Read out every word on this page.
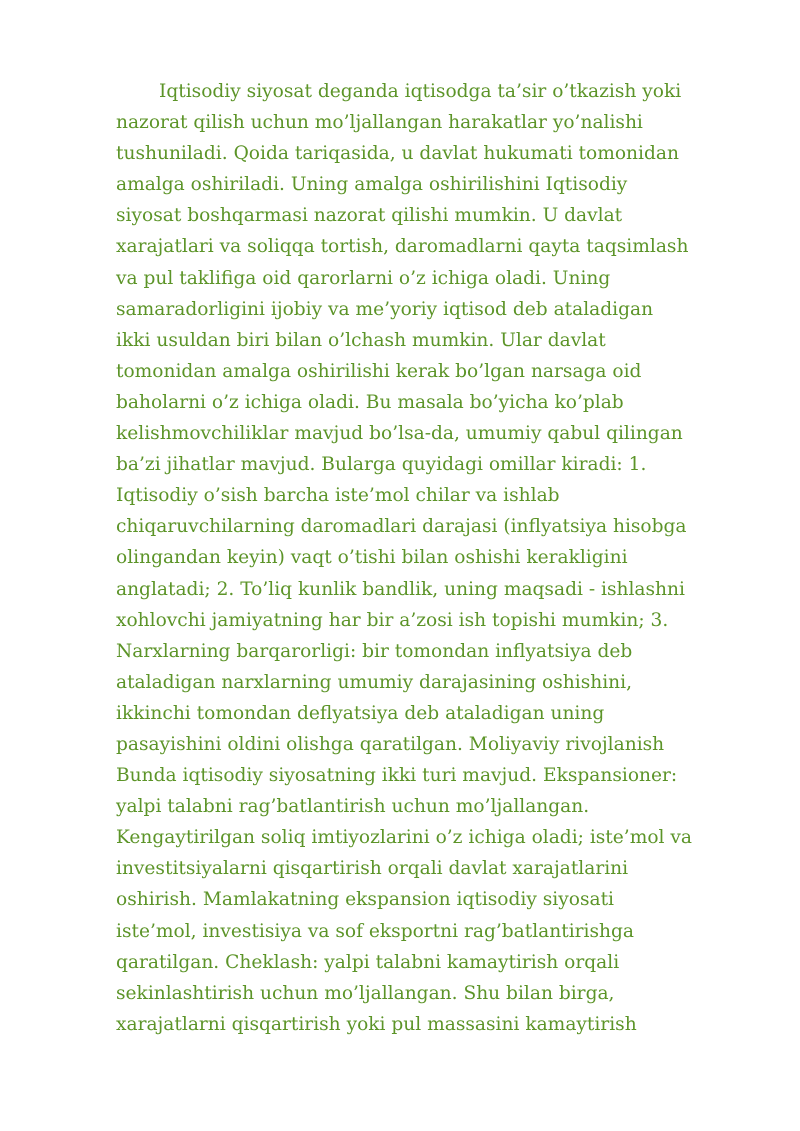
Iqtisodiy siyosat deganda iqtisodga ta’sir o’tkazish yoki
nazorat qilish uchun mo’ljallangan harakatlar yo’nalishi
tushuniladi. Qoida tariqasida, u davlat hukumati tomonidan
amalga oshiriladi. Uning amalga oshirilishini Iqtisodiy
siyosat boshqarmasi nazorat qilishi mumkin. U davlat
xarajatlari va soliqqa tortish, daromadlarni qayta taqsimlash
va pul taklifiga oid qarorlarni o’z ichiga oladi. Uning
samaradorligini ijobiy va me’yoriy iqtisod deb ataladigan
ikki usuldan biri bilan o’lchash mumkin. Ular davlat
tomonidan amalga oshirilishi kerak bo’lgan narsaga oid
baholarni o’z ichiga oladi. Bu masala bo’yicha ko’plab
kelishmovchiliklar mavjud bo’lsa-da, umumiy qabul qilingan
ba’zi jihatlar mavjud. Bularga quyidagi omillar kiradi: 1.
Iqtisodiy o’sish barcha iste’mol chilar va ishlab
chiqaruvchilarning daromadlari darajasi (inflyatsiya hisobga
olingandan keyin) vaqt o’tishi bilan oshishi kerakligini
anglatadi; 2. To’liq kunlik bandlik, uning maqsadi - ishlashni
xohlovchi jamiyatning har bir a’zosi ish topishi mumkin; 3.
Narxlarning barqarorligi: bir tomondan inflyatsiya deb
ataladigan narxlarning umumiy darajasining oshishini,
ikkinchi tomondan deflyatsiya deb ataladigan uning
pasayishini oldini olishga qaratilgan. Moliyaviy rivojlanish
Bunda iqtisodiy siyosatning ikki turi mavjud. Ekspansioner:
yalpi talabni rag’batlantirish uchun mo’ljallangan.
Kengaytirilgan soliq imtiyozlarini o’z ichiga oladi; iste’mol va
investitsiyalarni qisqartirish orqali davlat xarajatlarini
oshirish. Mamlakatning ekspansion iqtisodiy siyosati
iste’mol, investisiya va sof eksportni rag’batlantirishga
qaratilgan. Cheklash: yalpi talabni kamaytirish orqali
sekinlashtirish uchun mo’ljallangan. Shu bilan birga,
xarajatlarni qisqartirish yoki pul massasini kamaytirish
